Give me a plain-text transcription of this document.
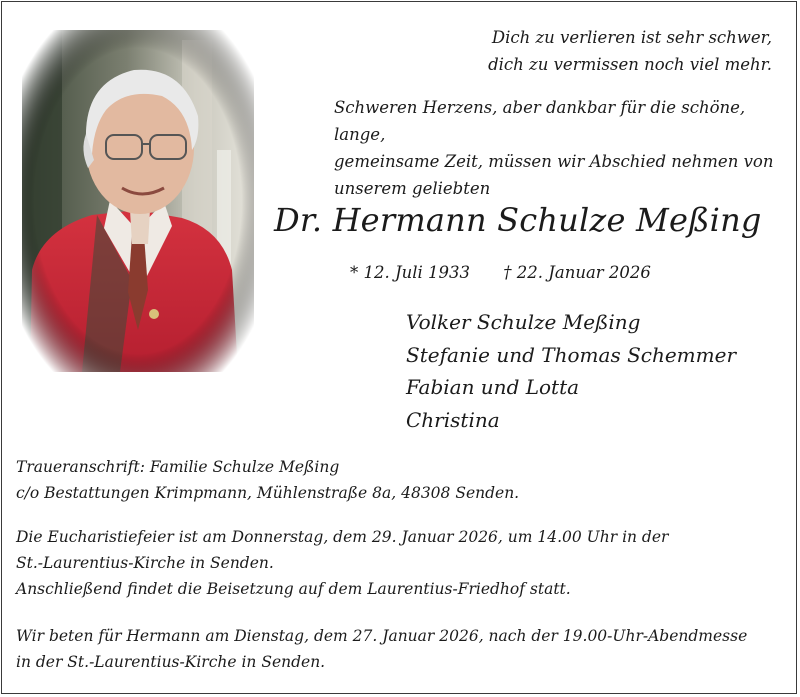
Dich zu verlieren ist sehr schwer,
dich zu vermissen noch viel mehr.
Schweren Herzens, aber dankbar für die schöne, lange,
gemeinsame Zeit, müssen wir Abschied nehmen von
unserem geliebten
Dr. Hermann Schulze Meßing
* 12. Juli 1933 † 22. Januar 2026
Volker Schulze Meßing
Stefanie und Thomas Schemmer
Fabian und Lotta
Christina
Traueranschrift: Familie Schulze Meßing
c/o Bestattungen Krimpmann, Mühlenstraße 8a, 48308 Senden.
Die Eucharistiefeier ist am Donnerstag, dem 29. Januar 2026, um 14.00 Uhr in der
St.-Laurentius-Kirche in Senden.
Anschließend findet die Beisetzung auf dem Laurentius-Friedhof statt.
Wir beten für Hermann am Dienstag, dem 27. Januar 2026, nach der 19.00-Uhr-Abendmesse
in der St.-Laurentius-Kirche in Senden.
